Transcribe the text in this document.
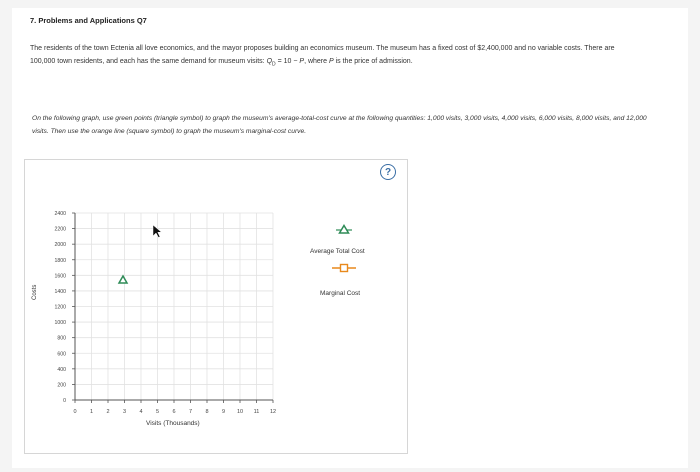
7. Problems and Applications Q7
The residents of the town Ectenia all love economics, and the mayor proposes building an economics museum. The museum has a fixed cost of $2,400,000 and no variable costs. There are 100,000 town residents, and each has the same demand for museum visits: $Q_D = 10 - P$, where P is the price of admission.
On the following graph, use green points (triangle symbol) to graph the museum's average-total-cost curve at the following quantities: 1,000 visits, 3,000 visits, 4,000 visits, 6,000 visits, 8,000 visits, and 12,000 visits. Then use the orange line (square symbol) to graph the museum's marginal-cost curve.
?
0 1 2 3 4 5 6 7 8 9 10 11 12
0
200
400
600
800
1000
1200
1400
1600
1800
2000
2200
2400
Average Total Cost
Marginal Cost
Costs
Visits (Thousands)
